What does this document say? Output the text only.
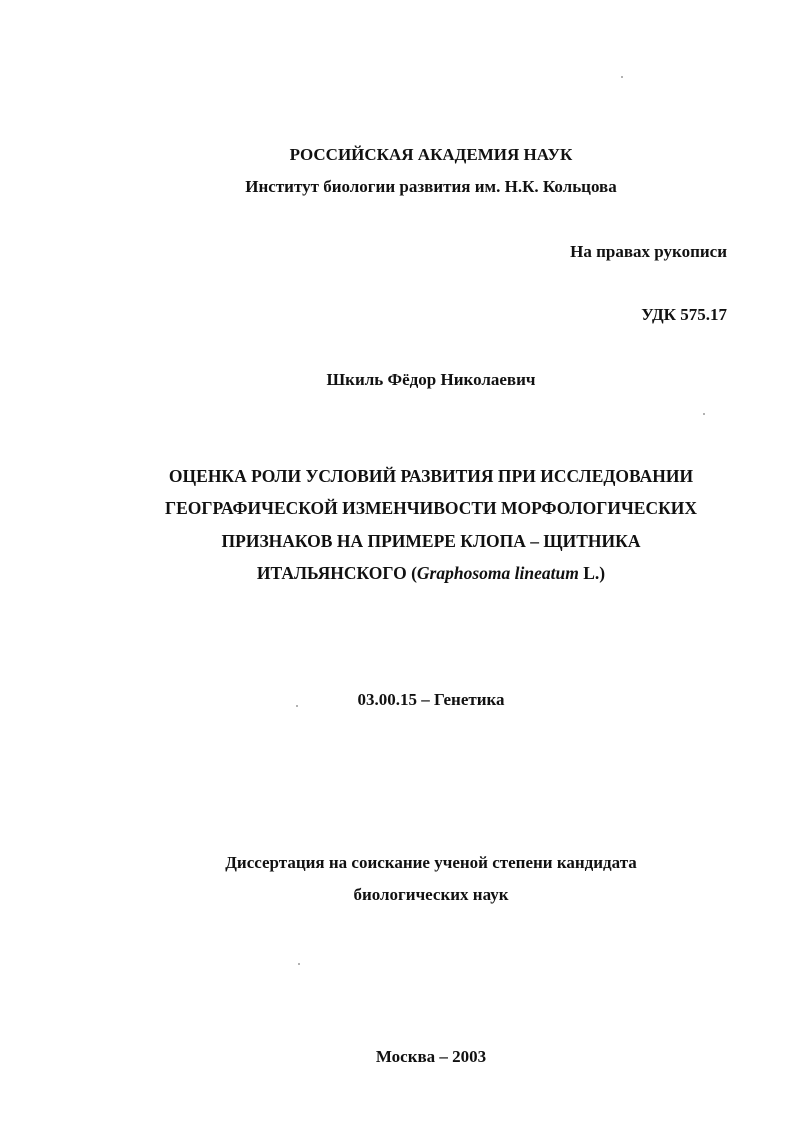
РОССИЙСКАЯ АКАДЕМИЯ НАУК
Институт биологии развития им. Н.К. Кольцова
На правах рукописи
УДК 575.17
Шкиль Фёдор Николаевич
ОЦЕНКА РОЛИ УСЛОВИЙ РАЗВИТИЯ ПРИ ИССЛЕДОВАНИИ
ГЕОГРАФИЧЕСКОЙ ИЗМЕНЧИВОСТИ МОРФОЛОГИЧЕСКИХ
ПРИЗНАКОВ НА ПРИМЕРЕ КЛОПА – ЩИТНИКА
ИТАЛЬЯНСКОГО (Graphosoma lineatum L.)
03.00.15 – Генетика
Диссертация на соискание ученой степени кандидата
биологических наук
Москва – 2003
